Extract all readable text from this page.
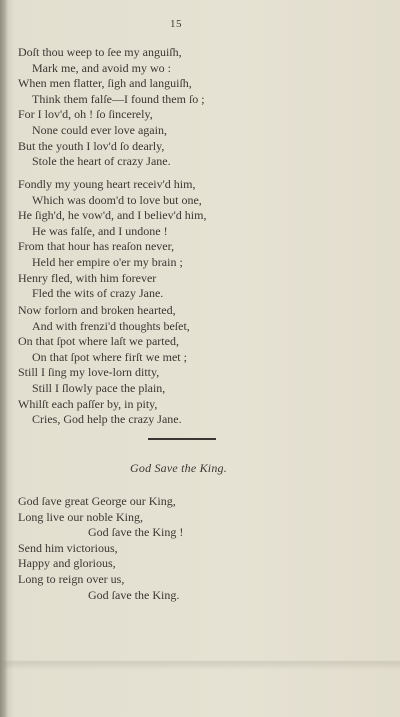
15
Doſt thou weep to ſee my anguiſh,
Mark me, and avoid my wo :
When men flatter, ſigh and languiſh,
Think them falſe—I found them ſo ;
For I lov'd, oh ! ſo ſincerely,
None could ever love again,
But the youth I lov'd ſo dearly,
Stole the heart of crazy Jane.
Fondly my young heart receiv'd him,
Which was doom'd to love but one,
He ſigh'd, he vow'd, and I believ'd him,
He was falſe, and I undone !
From that hour has reaſon never,
Held her empire o'er my brain ;
Henry fled, with him forever
Fled the wits of crazy Jane.
Now forlorn and broken hearted,
And with frenzi'd thoughts beſet,
On that ſpot where laſt we parted,
On that ſpot where firſt we met ;
Still I ſing my love-lorn ditty,
Still I ſlowly pace the plain,
Whilſt each paſſer by, in pity,
Cries, God help the crazy Jane.
God Save the King.
God ſave great George our King,
Long live our noble King,
God ſave the King !
Send him victorious,
Happy and glorious,
Long to reign over us,
God ſave the King.
